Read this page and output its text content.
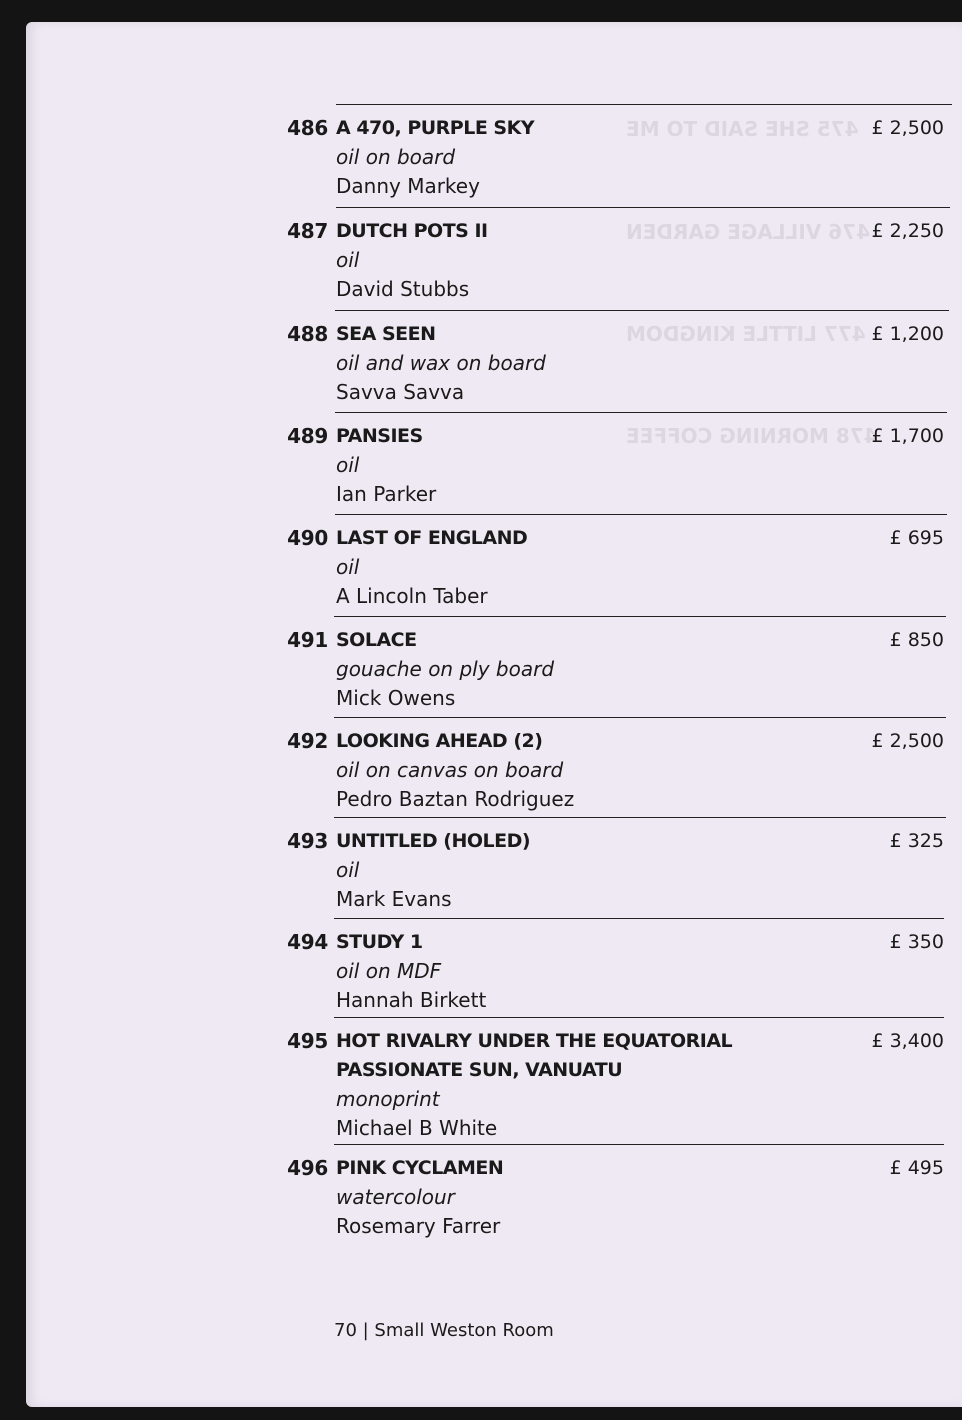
475 SHE SAID TO ME
476 VILLAGE GARDEN
477 LITTLE KINGDOM
478 MORNING COFFEE
486 A 470, PURPLE SKY
oil on board
Danny Markey
£ 2,500
487 DUTCH POTS II
oil
David Stubbs
£ 2,250
488 SEA SEEN
oil and wax on board
Savva Savva
£ 1,200
489 PANSIES
oil
Ian Parker
£ 1,700
490 LAST OF ENGLAND
oil
A Lincoln Taber
£ 695
491 SOLACE
gouache on ply board
Mick Owens
£ 850
492 LOOKING AHEAD (2)
oil on canvas on board
Pedro Baztan Rodriguez
£ 2,500
493 UNTITLED (HOLED)
oil
Mark Evans
£ 325
494 STUDY 1
oil on MDF
Hannah Birkett
£ 350
495 HOT RIVALRY UNDER THE EQUATORIAL PASSIONATE SUN, VANUATU
monoprint
Michael B White
£ 3,400
496 PINK CYCLAMEN
watercolour
Rosemary Farrer
£ 495
70 | Small Weston Room
